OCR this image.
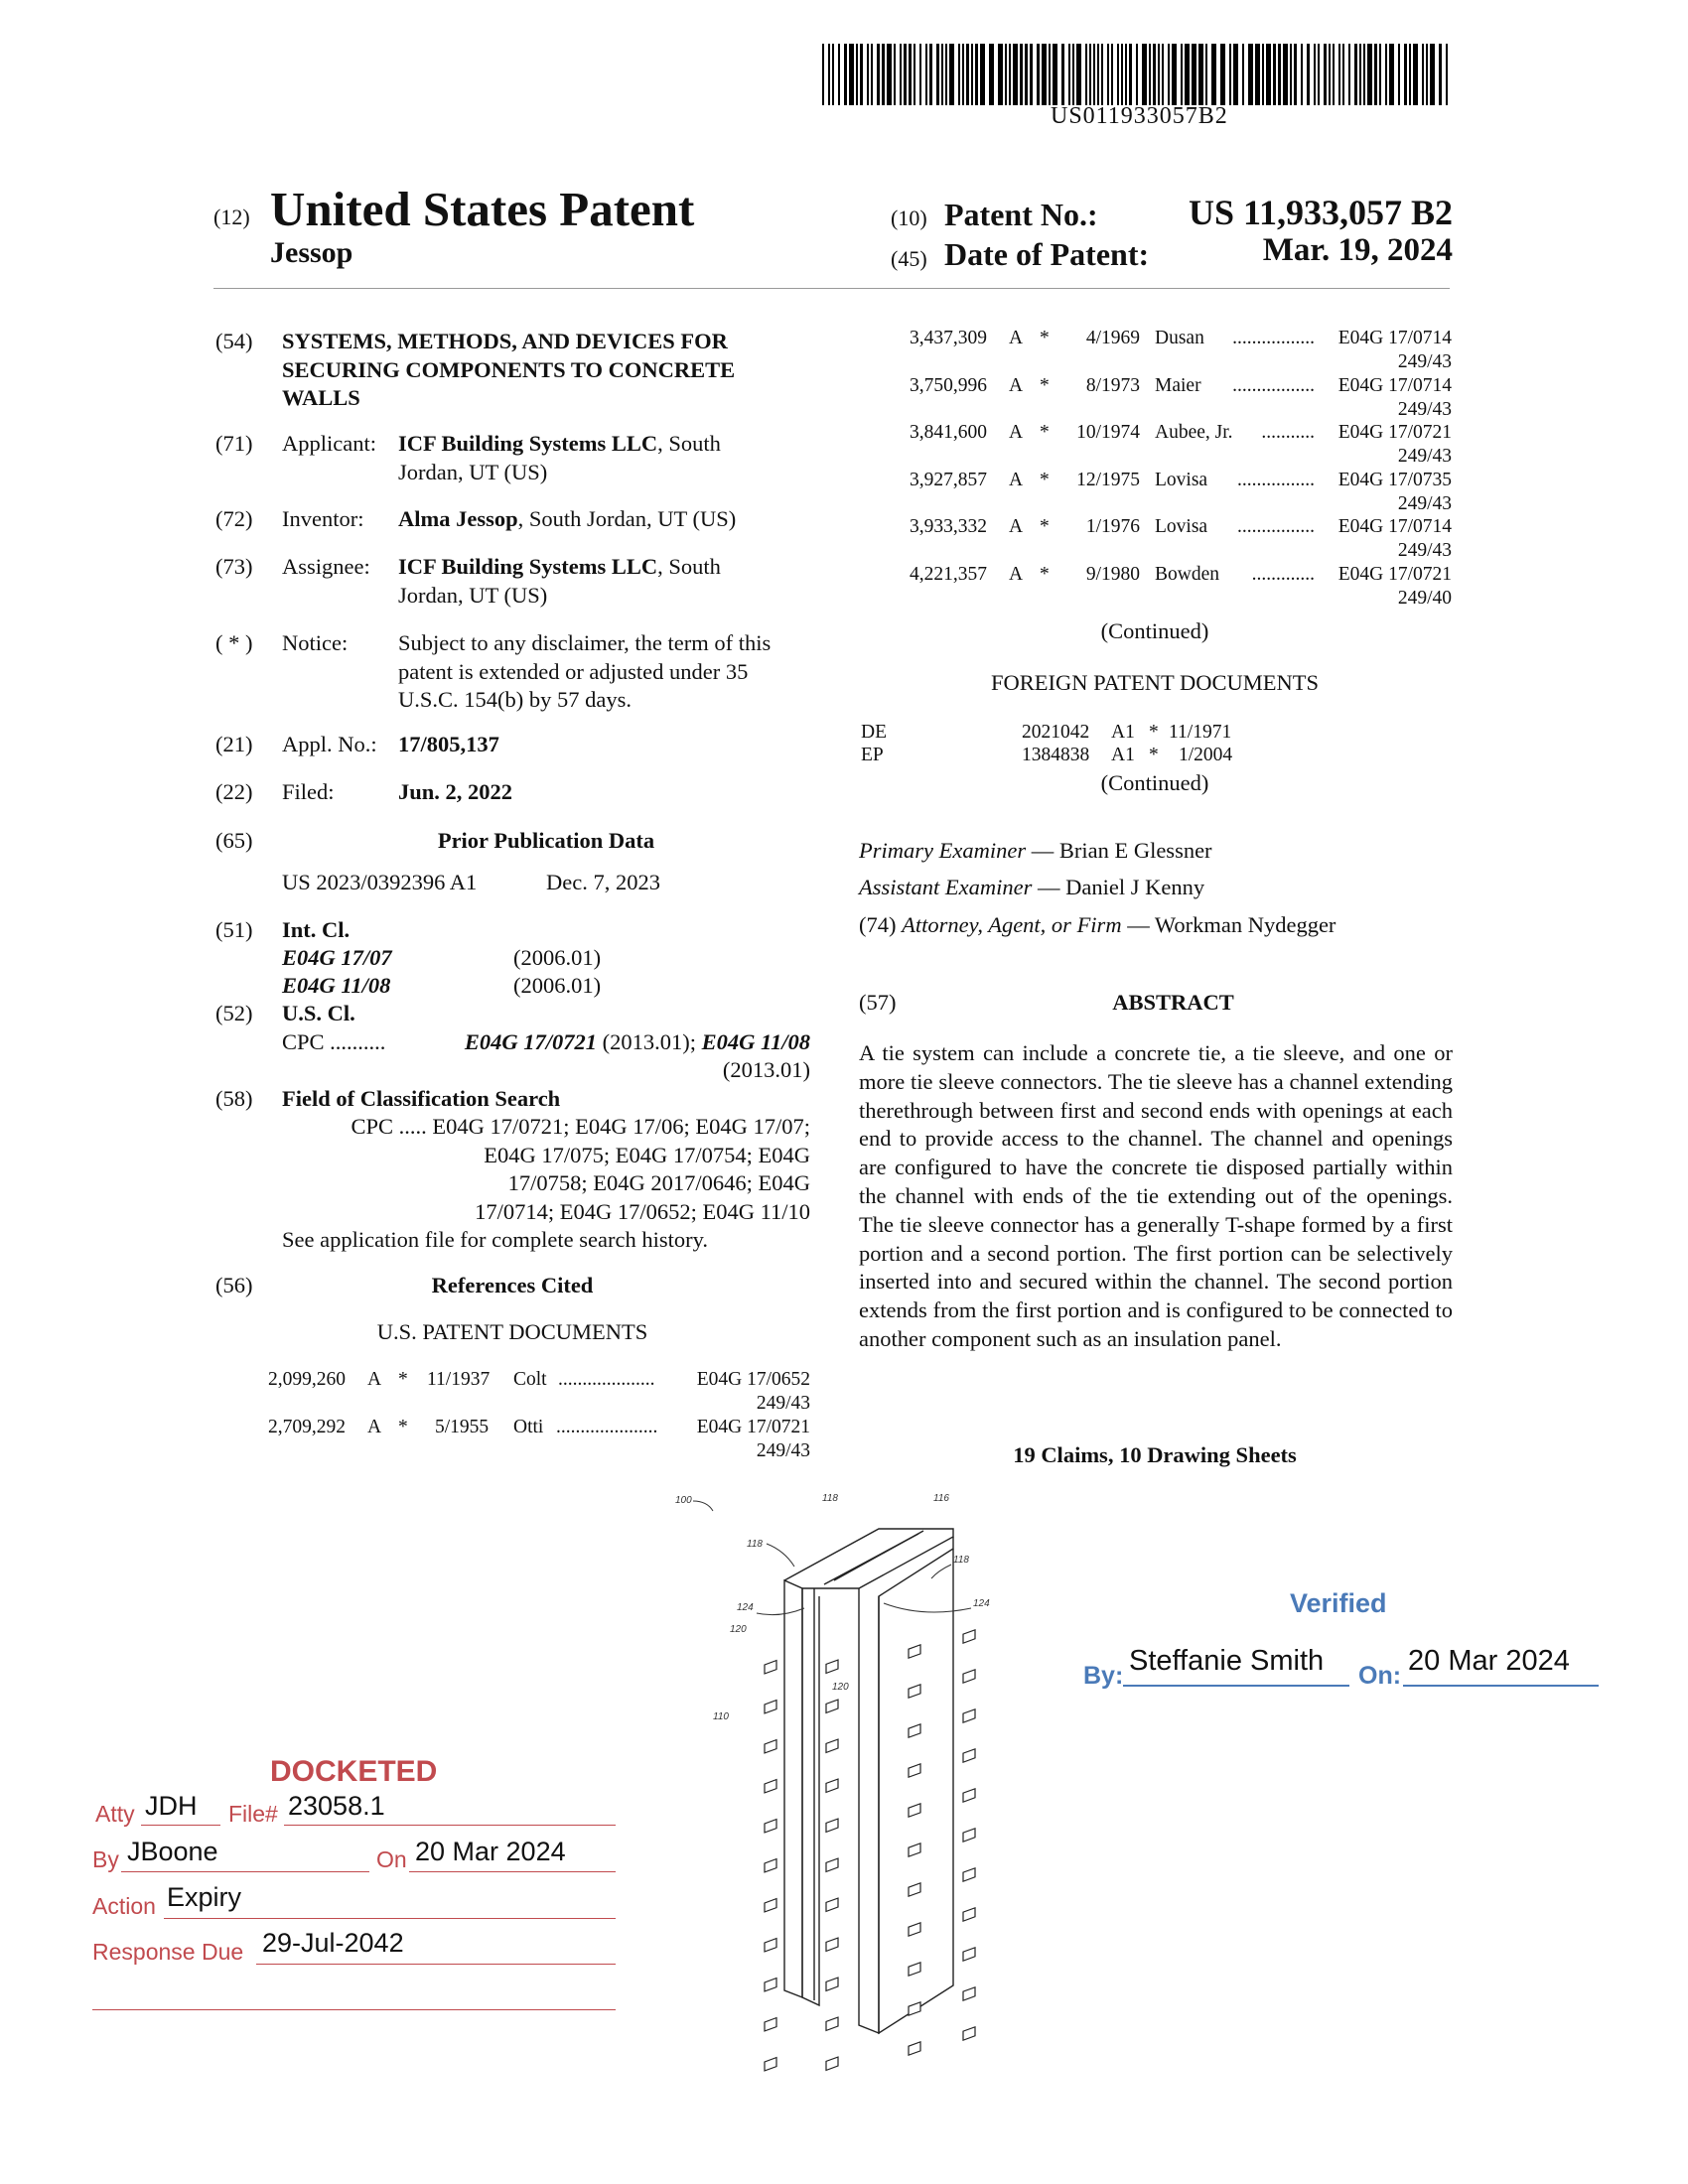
US011933057B2
(12) United States Patent
Jessop
(10) Patent No.:	US 11,933,057 B2
(45) Date of Patent:	Mar. 19, 2024
(54) SYSTEMS, METHODS, AND DEVICES FOR
SECURING COMPONENTS TO CONCRETE
WALLS
(71) Applicant: ICF Building Systems LLC, South
Jordan, UT (US)
(72) Inventor: Alma Jessop, South Jordan, UT (US)
(73) Assignee: ICF Building Systems LLC, South
Jordan, UT (US)
( * ) Notice: Subject to any disclaimer, the term of this
patent is extended or adjusted under 35
U.S.C. 154(b) by 57 days.
(21) Appl. No.: 17/805,137
(22) Filed:	Jun. 2, 2022
(65)	Prior Publication Data
US 2023/0392396 A1	Dec. 7, 2023
(51) Int. Cl.
E04G 17/07	(2006.01)
E04G 11/08	(2006.01)
(52) U.S. Cl.
CPC ..........	E04G 17/0721 (2013.01); E04G 11/08
(2013.01)
(58) Field of Classification Search
CPC ..... E04G 17/0721; E04G 17/06; E04G 17/07;
E04G 17/075; E04G 17/0754; E04G
17/0758; E04G 2017/0646; E04G
17/0714; E04G 17/0652; E04G 11/10
See application file for complete search history.
(56)	References Cited
U.S. PATENT DOCUMENTS
2,099,260 A * 11/1937 Colt .................... E04G 17/0652
249/43
2,709,292 A * 5/1955 Otti ..................... E04G 17/0721
249/43
3,437,309 A * 4/1969 Dusan ................. E04G 17/0714
249/43
3,750,996 A * 8/1973 Maier ................. E04G 17/0714
249/43
3,841,600 A * 10/1974 Aubee, Jr. ........... E04G 17/0721
249/43
3,927,857 A * 12/1975 Lovisa ................ E04G 17/0735
249/43
3,933,332 A * 1/1976 Lovisa ................ E04G 17/0714
249/43
4,221,357 A * 9/1980 Bowden ............. E04G 17/0721
249/40
(Continued)
FOREIGN PATENT DOCUMENTS
DE	2021042 A1 * 11/1971
EP	1384838 A1 * 1/2004
(Continued)
Primary Examiner — Brian E Glessner
Assistant Examiner — Daniel J Kenny
(74) Attorney, Agent, or Firm — Workman Nydegger
(57)	ABSTRACT
A tie system can include a concrete tie, a tie sleeve, and one or more tie sleeve connectors. The tie sleeve has a channel extending therethrough between first and second ends with openings at each end to provide access to the channel. The channel and openings are configured to have the concrete tie disposed partially within the channel with ends of the tie extending out of the openings. The tie sleeve connector has a generally T-shape formed by a first portion and a second portion. The first portion can be selectively inserted into and secured within the channel. The second portion extends from the first portion and is configured to be connected to another component such as an insulation panel.
19 Claims, 10 Drawing Sheets
100	118	116
118
118
124	124
120
120
110
DOCKETED
Atty JDH File# 23058.1
By JBoone	On 20 Mar 2024
Action Expiry
Response Due 29-Jul-2042
Verified
By: Steffanie Smith On: 20 Mar 2024
